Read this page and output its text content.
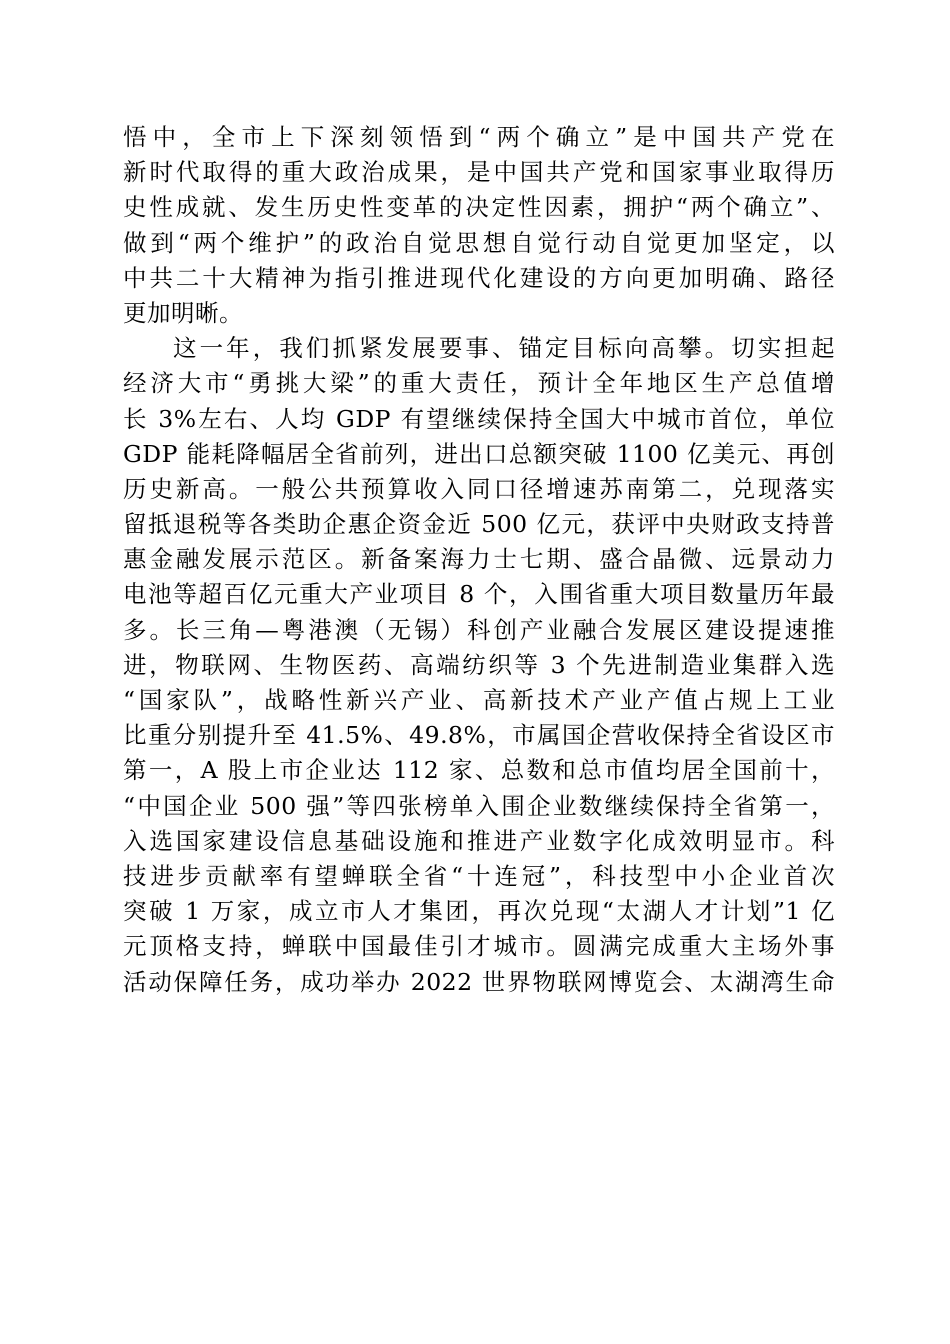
悟中，全市上下深刻领悟到“两个确立”是中国共产党在
新时代取得的重大政治成果，是中国共产党和国家事业取得历
史性成就、发生历史性变革的决定性因素，拥护“两个确立”、
做到“两个维护”的政治自觉思想自觉行动自觉更加坚定，以
中共二十大精神为指引推进现代化建设的方向更加明确、路径
更加明晰。
这一年，我们抓紧发展要事、锚定目标向高攀。切实担起
经济大市“勇挑大梁”的重大责任，预计全年地区生产总值增
长 3%左右、人均 GDP 有望继续保持全国大中城市首位，单位
GDP 能耗降幅居全省前列，进出口总额突破 1100 亿美元、再创
历史新高。一般公共预算收入同口径增速苏南第二，兑现落实
留抵退税等各类助企惠企资金近 500 亿元，获评中央财政支持普
惠金融发展示范区。新备案海力士七期、盛合晶微、远景动力
电池等超百亿元重大产业项目 8 个，入围省重大项目数量历年最
多。长三角—粤港澳（无锡）科创产业融合发展区建设提速推
进，物联网、生物医药、高端纺织等 3 个先进制造业集群入选
“国家队”，战略性新兴产业、高新技术产业产值占规上工业
比重分别提升至 41.5%、49.8%，市属国企营收保持全省设区市
第一，A 股上市企业达 112 家、总数和总市值均居全国前十，
“中国企业 500 强”等四张榜单入围企业数继续保持全省第一，
入选国家建设信息基础设施和推进产业数字化成效明显市。科
技进步贡献率有望蝉联全省“十连冠”，科技型中小企业首次
突破 1 万家，成立市人才集团，再次兑现“太湖人才计划”1 亿
元顶格支持，蝉联中国最佳引才城市。圆满完成重大主场外事
活动保障任务，成功举办 2022 世界物联网博览会、太湖湾生命
